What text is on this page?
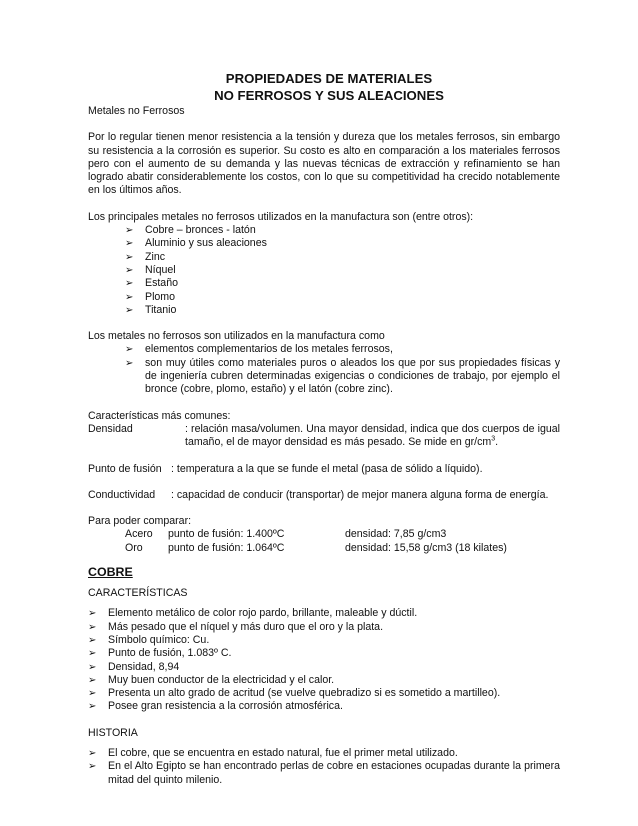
PROPIEDADES DE MATERIALES
NO FERROSOS Y SUS ALEACIONES

Metales no Ferrosos

Por lo regular tienen menor resistencia a la tensión y dureza que los metales ferrosos, sin embargo su resistencia a la corrosión es superior. Su costo es alto en comparación a los materiales ferrosos pero con el aumento de su demanda y las nuevas técnicas de extracción y refinamiento se han logrado abatir considerablemente los costos, con lo que su competitividad ha crecido notablemente en los últimos años.

Los principales metales no ferrosos utilizados en la manufactura son (entre otros):

➢ Cobre – bronces - latón
➢ Aluminio y sus aleaciones
➢ Zinc
➢ Níquel
➢ Estaño
➢ Plomo
➢ Titanio

Los metales no ferrosos son utilizados en la manufactura como

➢ elementos complementarios de los metales ferrosos,
➢ son muy útiles como materiales puros o aleados los que por sus propiedades físicas y de ingeniería cubren determinadas exigencias o condiciones de trabajo, por ejemplo el bronce (cobre, plomo, estaño) y el latón (cobre zinc).

Características más comunes:

Densidad	: relación masa/volumen. Una mayor densidad, indica que dos cuerpos de igual tamaño, el de mayor densidad es más pesado. Se mide en $gr/cm^3$.
Punto de fusión : temperatura a la que se funde el metal (pasa de sólido a líquido).
Conductividad	: capacidad de conducir (transportar) de mejor manera alguna forma de energía.

Para poder comparar:

Acero	punto de fusión: 1.400ºC	densidad: 7,85 g/cm3
Oro	punto de fusión: 1.064ºC	densidad: 15,58 g/cm3 (18 kilates)
COBRE

CARACTERÍSTICAS

➢ Elemento metálico de color rojo pardo, brillante, maleable y dúctil.
➢ Más pesado que el níquel y más duro que el oro y la plata.
➢ Símbolo químico: Cu.
➢ Punto de fusión, 1.083º C.
➢ Densidad, 8,94
➢ Muy buen conductor de la electricidad y el calor.
➢ Presenta un alto grado de acritud (se vuelve quebradizo si es sometido a martilleo).
➢ Posee gran resistencia a la corrosión atmosférica.

HISTORIA

➢ El cobre, que se encuentra en estado natural, fue el primer metal utilizado.
➢ En el Alto Egipto se han encontrado perlas de cobre en estaciones ocupadas durante la primera mitad del quinto milenio.
